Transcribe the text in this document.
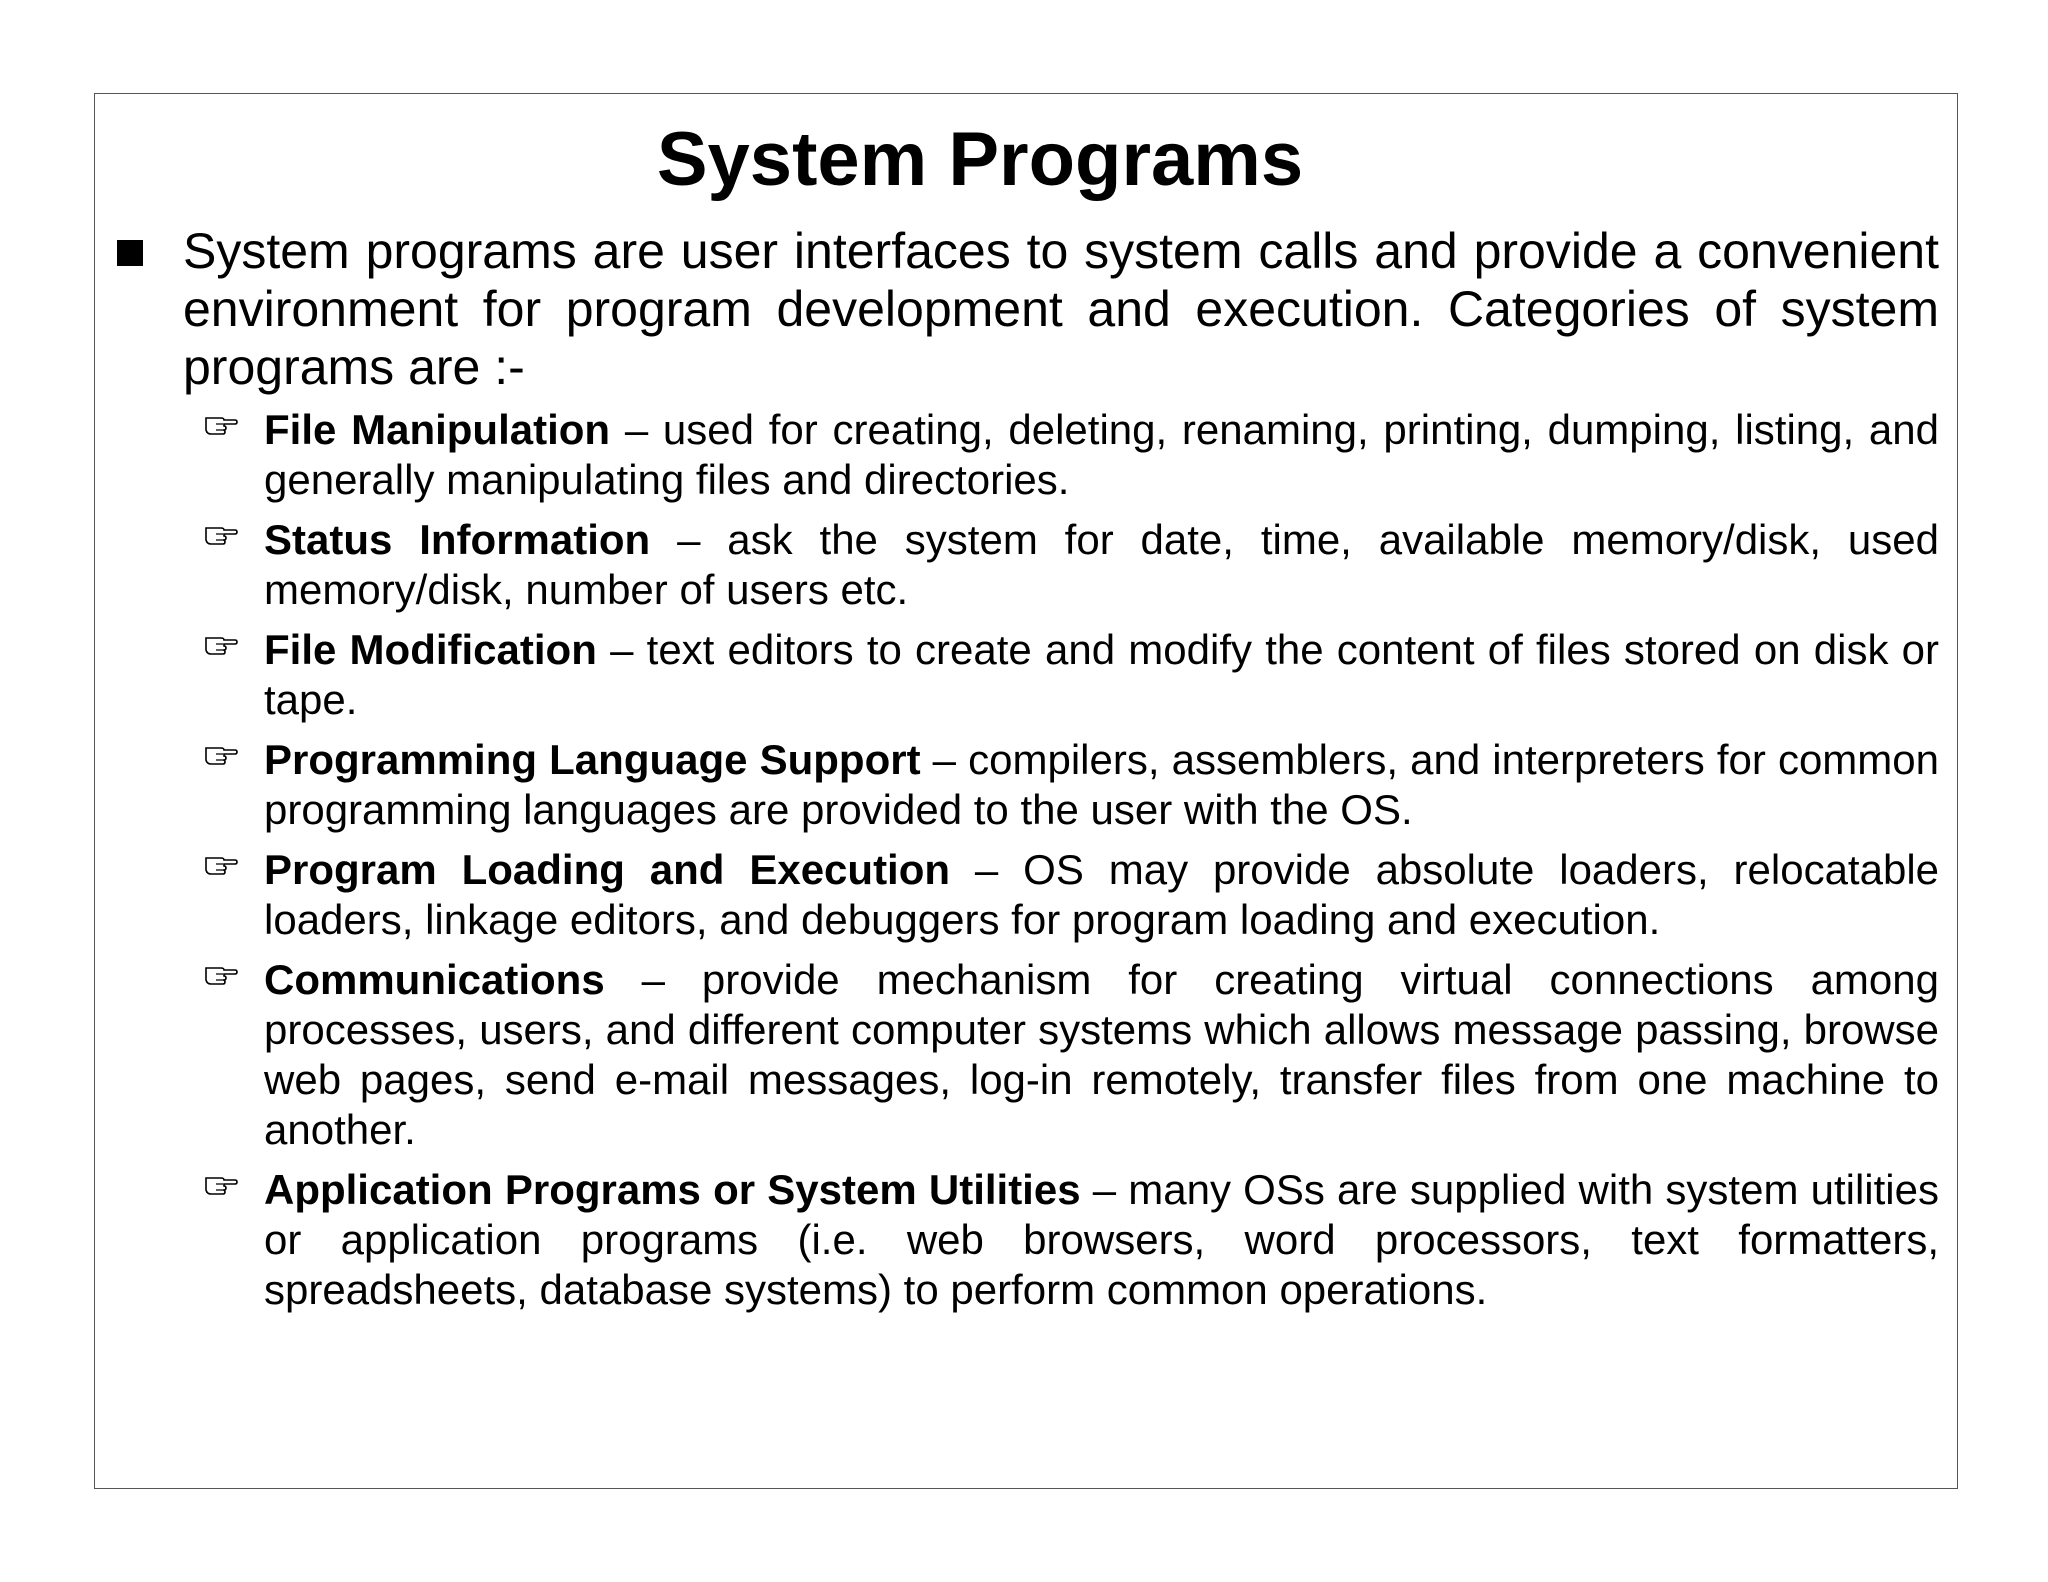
System Programs

System programs are user interfaces to system calls and provide a convenient environment for program development and execution. Categories of system programs are :-

File Manipulation – used for creating, deleting, renaming, printing, dumping, listing, and generally manipulating files and directories.
Status Information – ask the system for date, time, available memory/disk, used memory/disk, number of users etc.
File Modification – text editors to create and modify the content of files stored on disk or tape.
Programming Language Support – compilers, assemblers, and interpreters for common programming languages are provided to the user with the OS.
Program Loading and Execution – OS may provide absolute loaders, relocatable loaders, linkage editors, and debuggers for program loading and execution.
Communications – provide mechanism for creating virtual connections among processes, users, and different computer systems which allows message passing, browse web pages, send e-mail messages, log-in remotely, transfer files from one machine to another.
Application Programs or System Utilities – many OSs are supplied with system utilities or application programs (i.e. web browsers, word processors, text formatters, spreadsheets, database systems) to perform common operations.
